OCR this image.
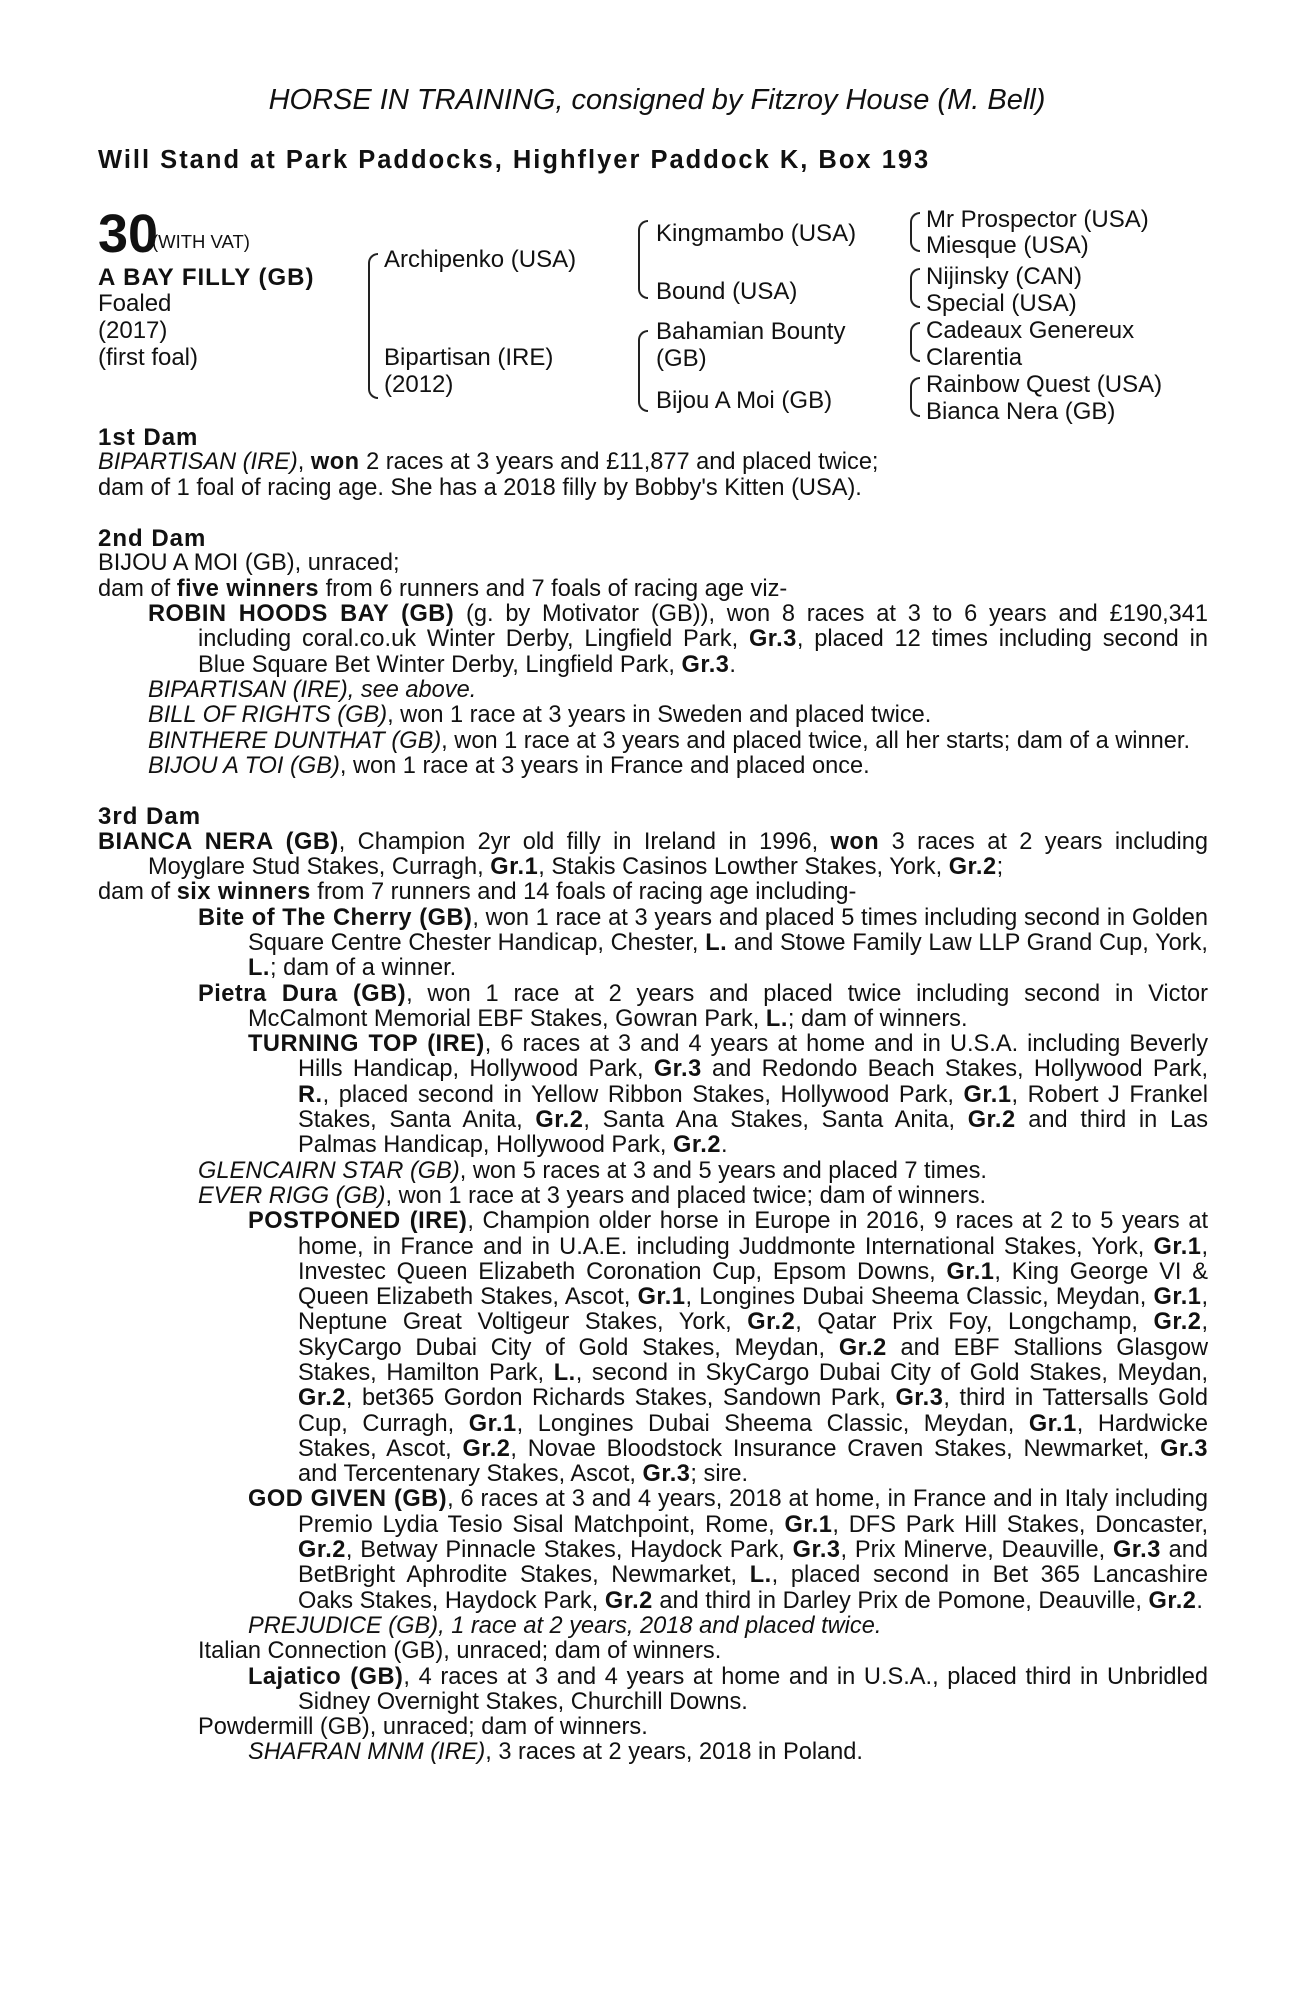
HORSE IN TRAINING, consigned by Fitzroy House (M. Bell)
Will Stand at Park Paddocks, Highflyer Paddock K, Box 193
30
(WITH VAT)
A BAY FILLY (GB)
Foaled
(2017)
(first foal)
Archipenko (USA)
Bipartisan (IRE)
(2012)
Kingmambo (USA)
Bound (USA)
Bahamian Bounty
(GB)
Bijou A Moi (GB)
Mr Prospector (USA)
Miesque (USA)
Nijinsky (CAN)
Special (USA)
Cadeaux Genereux
Clarentia
Rainbow Quest (USA)
Bianca Nera (GB)
1st Dam

BIPARTISAN (IRE), won 2 races at 3 years and £11,877 and placed twice;

dam of 1 foal of racing age. She has a 2018 filly by Bobby's Kitten (USA).

2nd Dam

BIJOU A MOI (GB), unraced;

dam of five winners from 6 runners and 7 foals of racing age viz-

ROBIN HOODS BAY (GB) (g. by Motivator (GB)), won 8 races at 3 to 6 years and £190,341 including coral.co.uk Winter Derby, Lingfield Park, Gr.3, placed 12 times including second in Blue Square Bet Winter Derby, Lingfield Park, Gr.3.

BIPARTISAN (IRE), see above.

BILL OF RIGHTS (GB), won 1 race at 3 years in Sweden and placed twice.

BINTHERE DUNTHAT (GB), won 1 race at 3 years and placed twice, all her starts; dam of a winner.

BIJOU A TOI (GB), won 1 race at 3 years in France and placed once.

3rd Dam

BIANCA NERA (GB), Champion 2yr old filly in Ireland in 1996, won 3 races at 2 years including Moyglare Stud Stakes, Curragh, Gr.1, Stakis Casinos Lowther Stakes, York, Gr.2;

dam of six winners from 7 runners and 14 foals of racing age including-

Bite of The Cherry (GB), won 1 race at 3 years and placed 5 times including second in Golden Square Centre Chester Handicap, Chester, L. and Stowe Family Law LLP Grand Cup, York, L.; dam of a winner.

Pietra Dura (GB), won 1 race at 2 years and placed twice including second in Victor McCalmont Memorial EBF Stakes, Gowran Park, L.; dam of winners.

TURNING TOP (IRE), 6 races at 3 and 4 years at home and in U.S.A. including Beverly Hills Handicap, Hollywood Park, Gr.3 and Redondo Beach Stakes, Hollywood Park, R., placed second in Yellow Ribbon Stakes, Hollywood Park, Gr.1, Robert J Frankel Stakes, Santa Anita, Gr.2, Santa Ana Stakes, Santa Anita, Gr.2 and third in Las Palmas Handicap, Hollywood Park, Gr.2.

GLENCAIRN STAR (GB), won 5 races at 3 and 5 years and placed 7 times.

EVER RIGG (GB), won 1 race at 3 years and placed twice; dam of winners.

POSTPONED (IRE), Champion older horse in Europe in 2016, 9 races at 2 to 5 years at home, in France and in U.A.E. including Juddmonte International Stakes, York, Gr.1, Investec Queen Elizabeth Coronation Cup, Epsom Downs, Gr.1, King George VI & Queen Elizabeth Stakes, Ascot, Gr.1, Longines Dubai Sheema Classic, Meydan, Gr.1, Neptune Great Voltigeur Stakes, York, Gr.2, Qatar Prix Foy, Longchamp, Gr.2, SkyCargo Dubai City of Gold Stakes, Meydan, Gr.2 and EBF Stallions Glasgow Stakes, Hamilton Park, L., second in SkyCargo Dubai City of Gold Stakes, Meydan, Gr.2, bet365 Gordon Richards Stakes, Sandown Park, Gr.3, third in Tattersalls Gold Cup, Curragh, Gr.1, Longines Dubai Sheema Classic, Meydan, Gr.1, Hardwicke Stakes, Ascot, Gr.2, Novae Bloodstock Insurance Craven Stakes, Newmarket, Gr.3 and Tercentenary Stakes, Ascot, Gr.3; sire.

GOD GIVEN (GB), 6 races at 3 and 4 years, 2018 at home, in France and in Italy including Premio Lydia Tesio Sisal Matchpoint, Rome, Gr.1, DFS Park Hill Stakes, Doncaster, Gr.2, Betway Pinnacle Stakes, Haydock Park, Gr.3, Prix Minerve, Deauville, Gr.3 and BetBright Aphrodite Stakes, Newmarket, L., placed second in Bet 365 Lancashire Oaks Stakes, Haydock Park, Gr.2 and third in Darley Prix de Pomone, Deauville, Gr.2.

PREJUDICE (GB), 1 race at 2 years, 2018 and placed twice.

Italian Connection (GB), unraced; dam of winners.

Lajatico (GB), 4 races at 3 and 4 years at home and in U.S.A., placed third in Unbridled Sidney Overnight Stakes, Churchill Downs.

Powdermill (GB), unraced; dam of winners.

SHAFRAN MNM (IRE), 3 races at 2 years, 2018 in Poland.
